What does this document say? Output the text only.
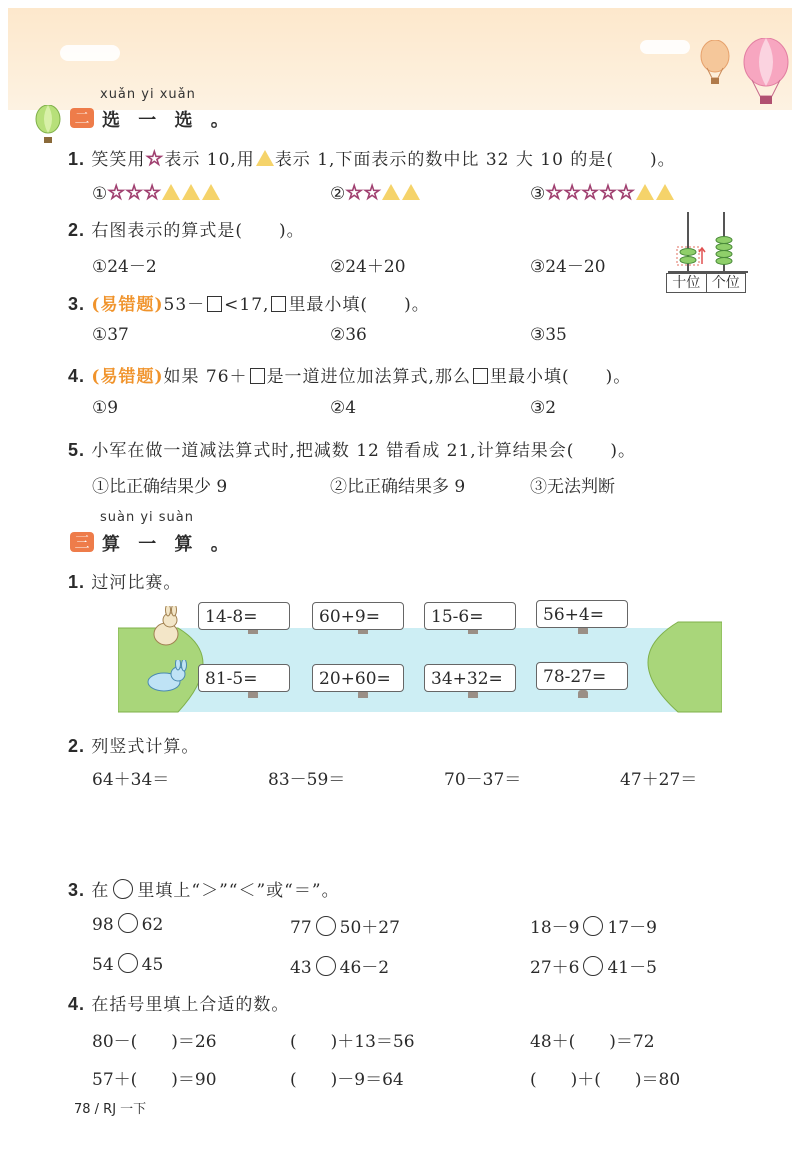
xuǎn yi xuǎn
二 选 一 选 。
1. 笑笑用☆表示 10,用 表示 1,下面表示的数中比 32 大 10 的是(　　)。
①☆☆☆	②☆☆	③☆☆☆☆☆
2. 右图表示的算式是(　　)。
①24－2	②24＋20	③24－20
十位 个位
3. (易错题)53－ <17, 里最小填(　　)。
①37	②36	③35
4. (易错题)如果 76＋ 是一道进位加法算式,那么 里最小填(　　)。
①9	②4	③2
5. 小军在做一道减法算式时,把减数 12 错看成 21,计算结果会(　　)。
①比正确结果少 9	②比正确结果多 9	③无法判断
suàn yi suàn
三 算 一 算 。
1. 过河比赛。
14-8=	60+9=	15-6=	56+4=
81-5=	20+60=	34+32=	78-27=
2. 列竖式计算。
64＋34＝	83－59＝	70－37＝	47＋27＝
3. 在 里填上“＞”“＜”或“＝”。
98 62	77 50＋27	18－9 17－9
54 45	43 46－2	27＋6 41－5
4. 在括号里填上合适的数。
80－(　　)＝26	(　　)＋13＝56	48＋(　　)＝72
57＋(　　)＝90	(　　)－9＝64	(　　)＋(　　)＝80
78 / RJ 一下
